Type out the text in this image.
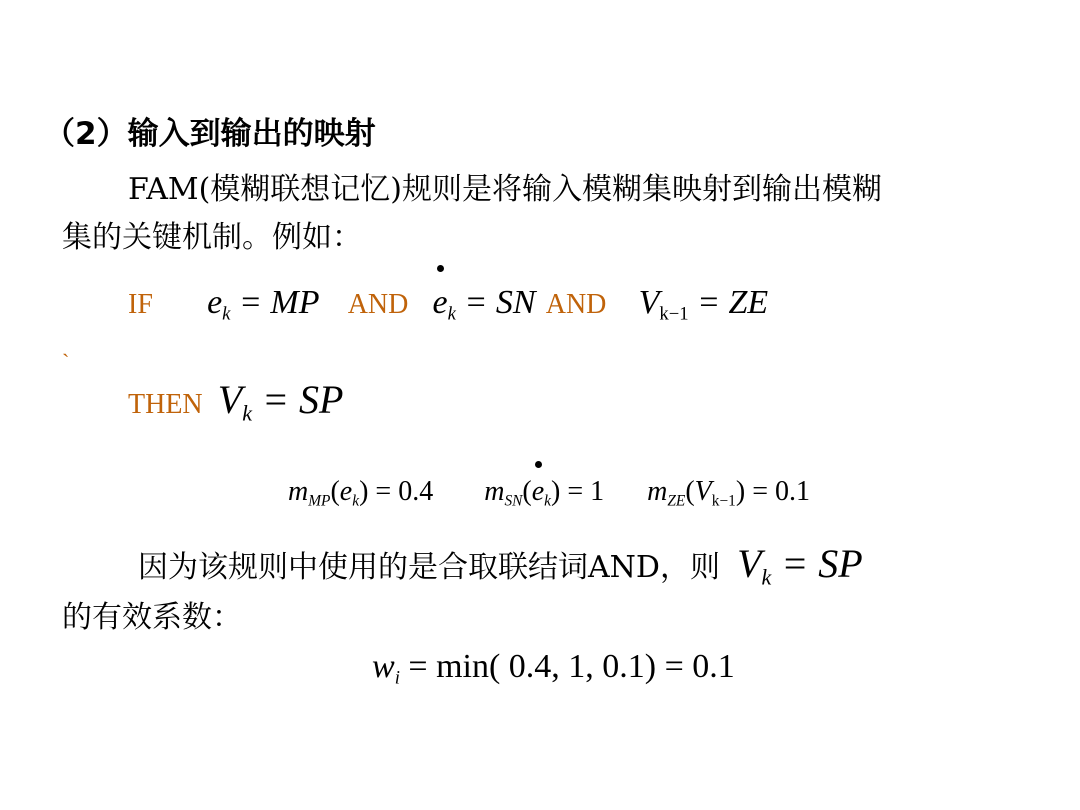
（2）输入到输出的映射
FAM(模糊联想记忆)规则是将输入模糊集映射到输出模糊
集的关键机制。例如：
IF $e_k$ = MP AND $e_k$ = SN AND $V_{k-1}$ = ZE
ˎ
THEN $V_k$ = SP
$m_{MP}(e_k) = 0.4$ $m_{SN}$(
$e_k) = 1$ $m_{ZE}(V_{k-1}) = 0.1$
因为该规则中使用的是合取联结词AND，则 $V_k$ = SP
的有效系数：
$w_i = \min$( 0.4, 1, 0.1) = 0.1
